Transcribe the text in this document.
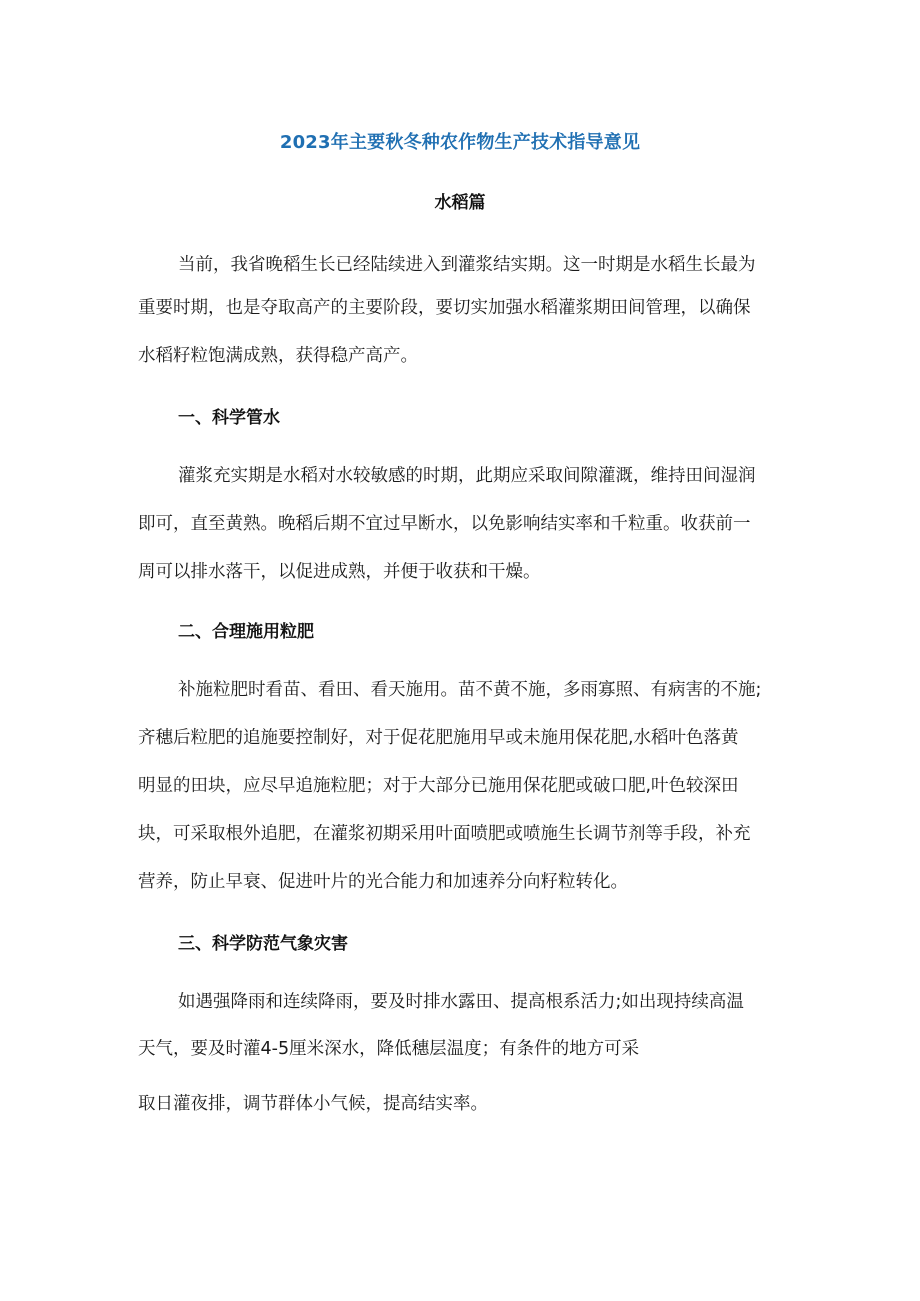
2023年主要秋冬种农作物生产技术指导意见
水稻篇
当前，我省晚稻生长已经陆续进入到灌浆结实期。这一时期是水稻生长最为
重要时期，也是夺取高产的主要阶段，要切实加强水稻灌浆期田间管理，以确保
水稻籽粒饱满成熟，获得稳产高产。
一、科学管水
灌浆充实期是水稻对水较敏感的时期，此期应采取间隙灌溉，维持田间湿润
即可，直至黄熟。晚稻后期不宜过早断水，以免影响结实率和千粒重。收获前一
周可以排水落干，以促进成熟，并便于收获和干燥。
二、合理施用粒肥
补施粒肥时看苗、看田、看天施用。苗不黄不施，多雨寡照、有病害的不施;
齐穗后粒肥的追施要控制好，对于促花肥施用早或未施用保花肥,水稻叶色落黄
明显的田块，应尽早追施粒肥；对于大部分已施用保花肥或破口肥,叶色较深田
块，可采取根外追肥，在灌浆初期采用叶面喷肥或喷施生长调节剂等手段，补充
营养，防止早衰、促进叶片的光合能力和加速养分向籽粒转化。
三、科学防范气象灾害
如遇强降雨和连续降雨，要及时排水露田、提高根系活力;如出现持续高温
天气，要及时灌4-5厘米深水，降低穗层温度；有条件的地方可采
取日灌夜排，调节群体小气候，提高结实率。
